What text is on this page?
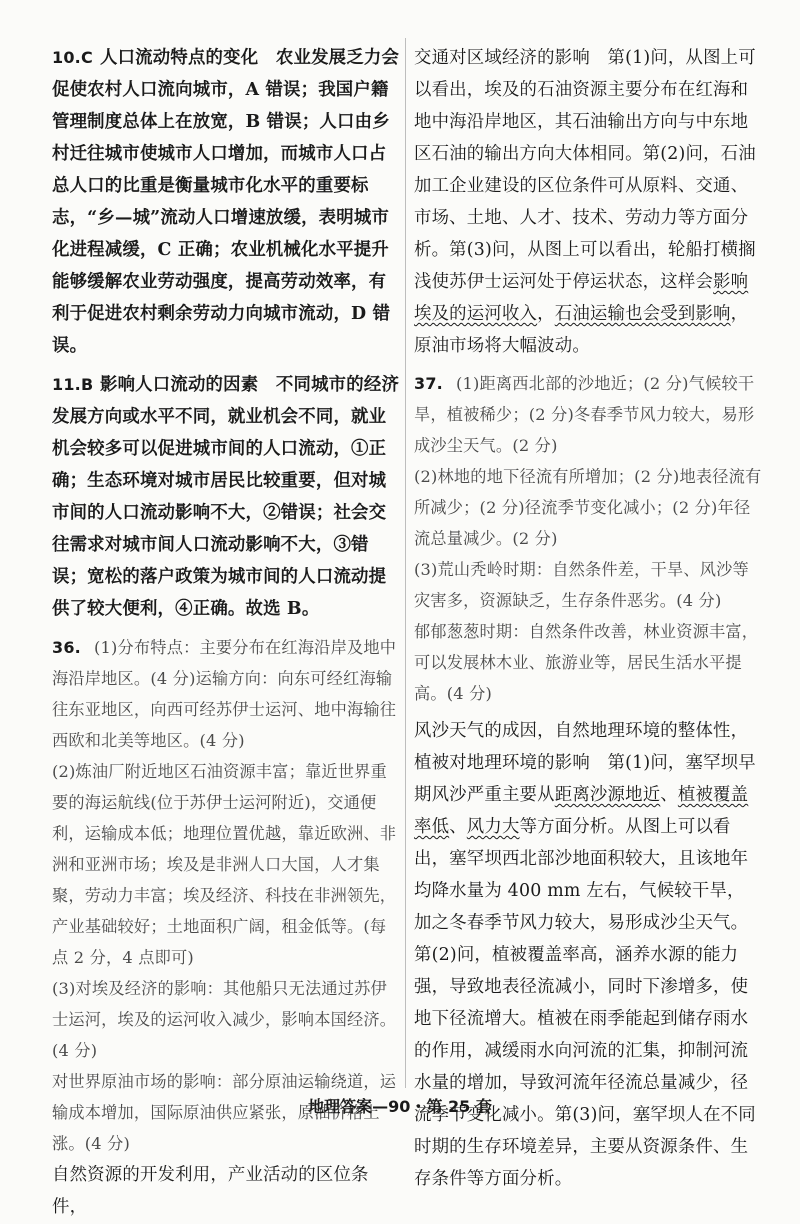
10.C 人口流动特点的变化　农业发展乏力会促使农村人口流向城市，A 错误；我国户籍管理制度总体上在放宽，B 错误；人口由乡村迁往城市使城市人口增加，而城市人口占总人口的比重是衡量城市化水平的重要标志，“乡—城”流动人口增速放缓，表明城市化进程减缓，C 正确；农业机械化水平提升能够缓解农业劳动强度，提高劳动效率，有利于促进农村剩余劳动力向城市流动，D 错误。

11.B 影响人口流动的因素　不同城市的经济发展方向或水平不同，就业机会不同，就业机会较多可以促进城市间的人口流动，①正确；生态环境对城市居民比较重要，但对城市间的人口流动影响不大，②错误；社会交往需求对城市间人口流动影响不大，③错误；宽松的落户政策为城市间的人口流动提供了较大便利，④正确。故选 B。

36. (1)分布特点：主要分布在红海沿岸及地中海沿岸地区。(4 分)运输方向：向东可经红海输往东亚地区，向西可经苏伊士运河、地中海输往西欧和北美等地区。(4 分)

(2)炼油厂附近地区石油资源丰富；靠近世界重要的海运航线(位于苏伊士运河附近)，交通便利，运输成本低；地理位置优越，靠近欧洲、非洲和亚洲市场；埃及是非洲人口大国，人才集聚，劳动力丰富；埃及经济、科技在非洲领先，产业基础较好；土地面积广阔，租金低等。(每点 2 分，4 点即可)

(3)对埃及经济的影响：其他船只无法通过苏伊士运河，埃及的运河收入减少，影响本国经济。(4 分)

对世界原油市场的影响：部分原油运输绕道，运输成本增加，国际原油供应紧张，原油价格上涨。(4 分)

自然资源的开发利用，产业活动的区位条件，

交通对区域经济的影响　第(1)问，从图上可以看出，埃及的石油资源主要分布在红海和地中海沿岸地区，其石油输出方向与中东地区石油的输出方向大体相同。第(2)问，石油加工企业建设的区位条件可从原料、交通、市场、土地、人才、技术、劳动力等方面分析。第(3)问，从图上可以看出，轮船打横搁浅使苏伊士运河处于停运状态，这样会影响埃及的运河收入，石油运输也会受到影响，原油市场将大幅波动。

37. (1)距离西北部的沙地近；(2 分)气候较干旱，植被稀少；(2 分)冬春季节风力较大，易形成沙尘天气。(2 分)

(2)林地的地下径流有所增加；(2 分)地表径流有所减少；(2 分)径流季节变化减小；(2 分)年径流总量减少。(2 分)

(3)荒山秃岭时期：自然条件差，干旱、风沙等灾害多，资源缺乏，生存条件恶劣。(4 分)

郁郁葱葱时期：自然条件改善，林业资源丰富，可以发展林木业、旅游业等，居民生活水平提高。(4 分)

风沙天气的成因，自然地理环境的整体性，植被对地理环境的影响　第(1)问，塞罕坝早期风沙严重主要从距离沙源地近、植被覆盖率低、风力大等方面分析。从图上可以看出，塞罕坝西北部沙地面积较大，且该地年均降水量为 400 mm 左右，气候较干旱，加之冬春季节风力较大，易形成沙尘天气。第(2)问，植被覆盖率高，涵养水源的能力强，导致地表径流减小，同时下渗增多，使地下径流增大。植被在雨季能起到储存雨水的作用，减缓雨水向河流的汇集，抑制河流水量的增加，导致河流年径流总量减少，径流季节变化减小。第(3)问，塞罕坝人在不同时期的生存环境差异，主要从资源条件、生存条件等方面分析。

地理答案—90・第 25 套
